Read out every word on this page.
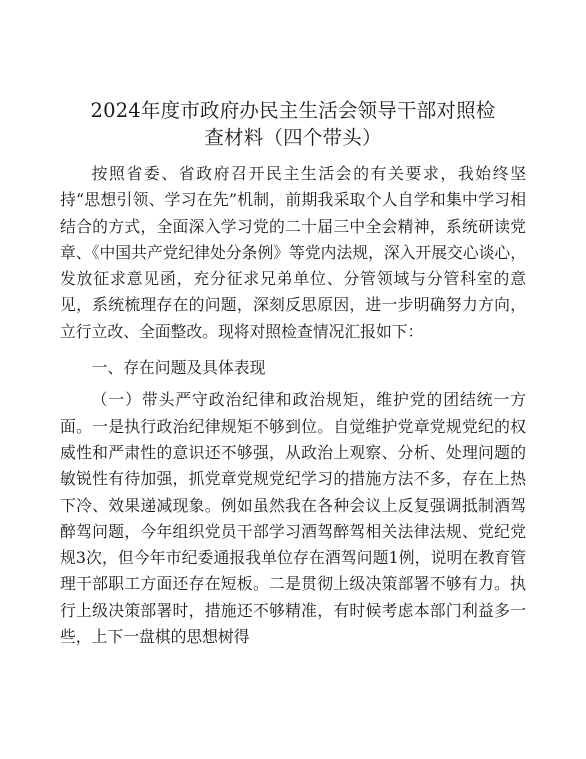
2024年度市政府办民主生活会领导干部对照检
查材料（四个带头）

按照省委、省政府召开民主生活会的有关要求，我始终坚持“思想引领、学习在先”机制，前期我采取个人自学和集中学习相结合的方式，全面深入学习党的二十届三中全会精神，系统研读党章、《中国共产党纪律处分条例》等党内法规，深入开展交心谈心，发放征求意见函，充分征求兄弟单位、分管领域与分管科室的意见，系统梳理存在的问题，深刻反思原因，进一步明确努力方向，立行立改、全面整改。现将对照检查情况汇报如下：

一、存在问题及具体表现

（一）带头严守政治纪律和政治规矩，维护党的团结统一方面。一是执行政治纪律规矩不够到位。自觉维护党章党规党纪的权威性和严肃性的意识还不够强，从政治上观察、分析、处理问题的敏锐性有待加强，抓党章党规党纪学习的措施方法不多，存在上热下冷、效果递减现象。例如虽然我在各种会议上反复强调抵制酒驾醉驾问题，今年组织党员干部学习酒驾醉驾相关法律法规、党纪党规3次，但今年市纪委通报我单位存在酒驾问题1例，说明在教育管理干部职工方面还存在短板。二是贯彻上级决策部署不够有力。执行上级决策部署时，措施还不够精准，有时候考虑本部门利益多一些，上下一盘棋的思想树得
